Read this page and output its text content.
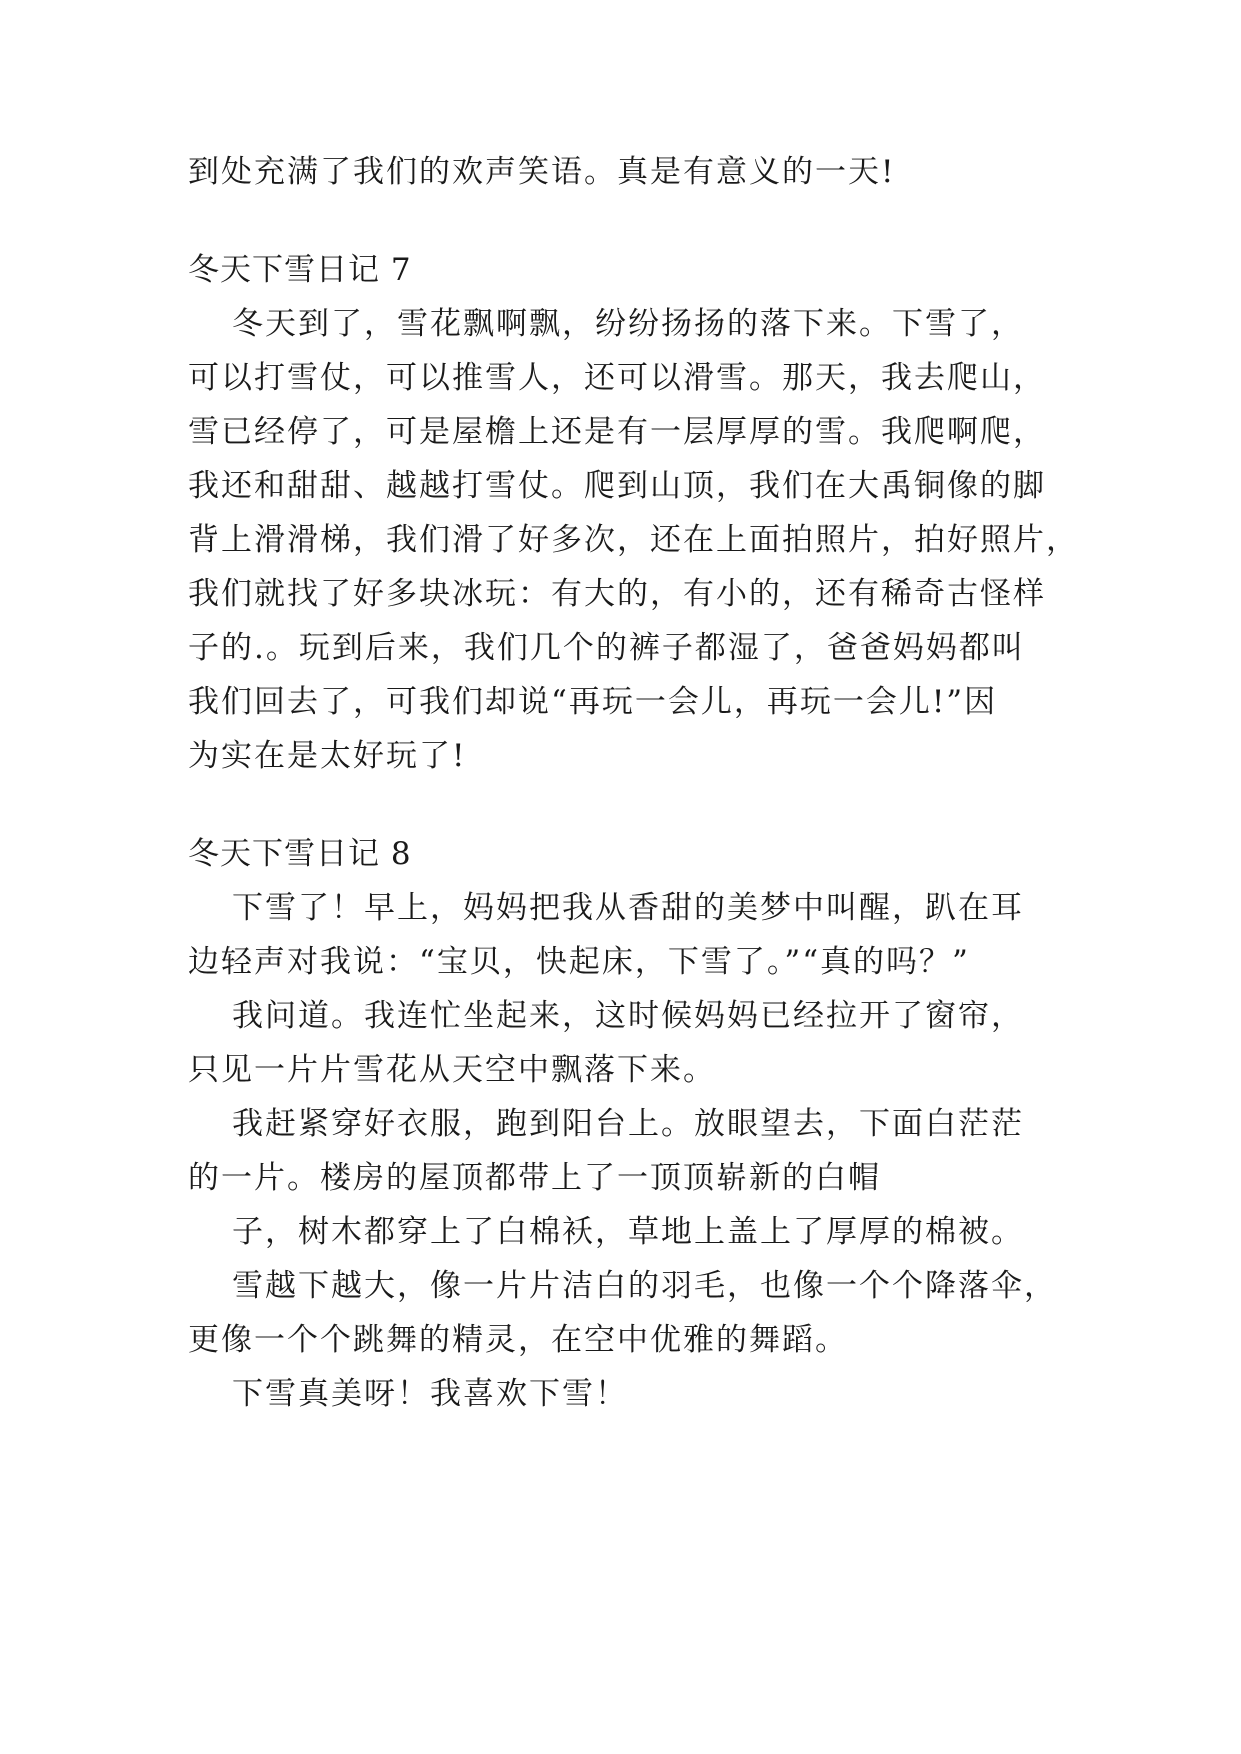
到处充满了我们的欢声笑语。真是有意义的一天!
冬天下雪日记 7
冬天到了，雪花飘啊飘，纷纷扬扬的落下来。下雪了，
可以打雪仗，可以推雪人，还可以滑雪。那天，我去爬山，
雪已经停了，可是屋檐上还是有一层厚厚的雪。我爬啊爬，
我还和甜甜、越越打雪仗。爬到山顶，我们在大禹铜像的脚
背上滑滑梯，我们滑了好多次，还在上面拍照片，拍好照片，
我们就找了好多块冰玩：有大的，有小的，还有稀奇古怪样
子的.。玩到后来，我们几个的裤子都湿了，爸爸妈妈都叫
我们回去了，可我们却说“再玩一会儿，再玩一会儿!”因
为实在是太好玩了!
冬天下雪日记 8
下雪了！早上，妈妈把我从香甜的美梦中叫醒，趴在耳
边轻声对我说：“宝贝，快起床，下雪了。”“真的吗？”
我问道。我连忙坐起来，这时候妈妈已经拉开了窗帘，
只见一片片雪花从天空中飘落下来。
我赶紧穿好衣服，跑到阳台上。放眼望去，下面白茫茫
的一片。楼房的屋顶都带上了一顶顶崭新的白帽
子，树木都穿上了白棉袄，草地上盖上了厚厚的棉被。
雪越下越大，像一片片洁白的羽毛，也像一个个降落伞，
更像一个个跳舞的精灵，在空中优雅的舞蹈。
下雪真美呀！我喜欢下雪！
